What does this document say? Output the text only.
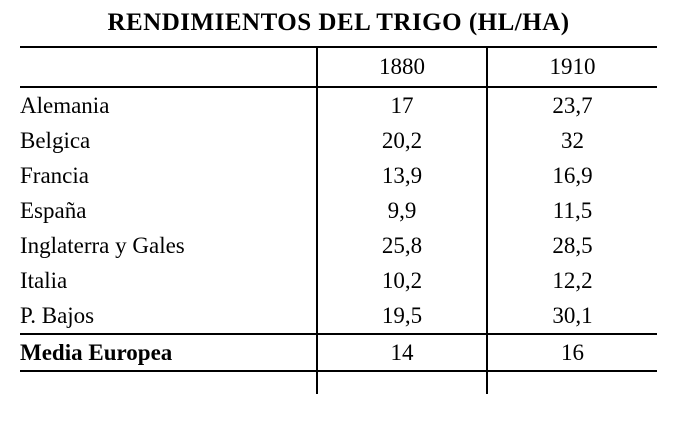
RENDIMIENTOS DEL TRIGO (HL/HA)		
	1880	1910
Alemania	17	23,7
Belgica	20,2	32
Francia	13,9	16,9
España	9,9	11,5
Inglaterra y Gales	25,8	28,5
Italia	10,2	12,2
P. Bajos	19,5	30,1
Media Europea	14	16
